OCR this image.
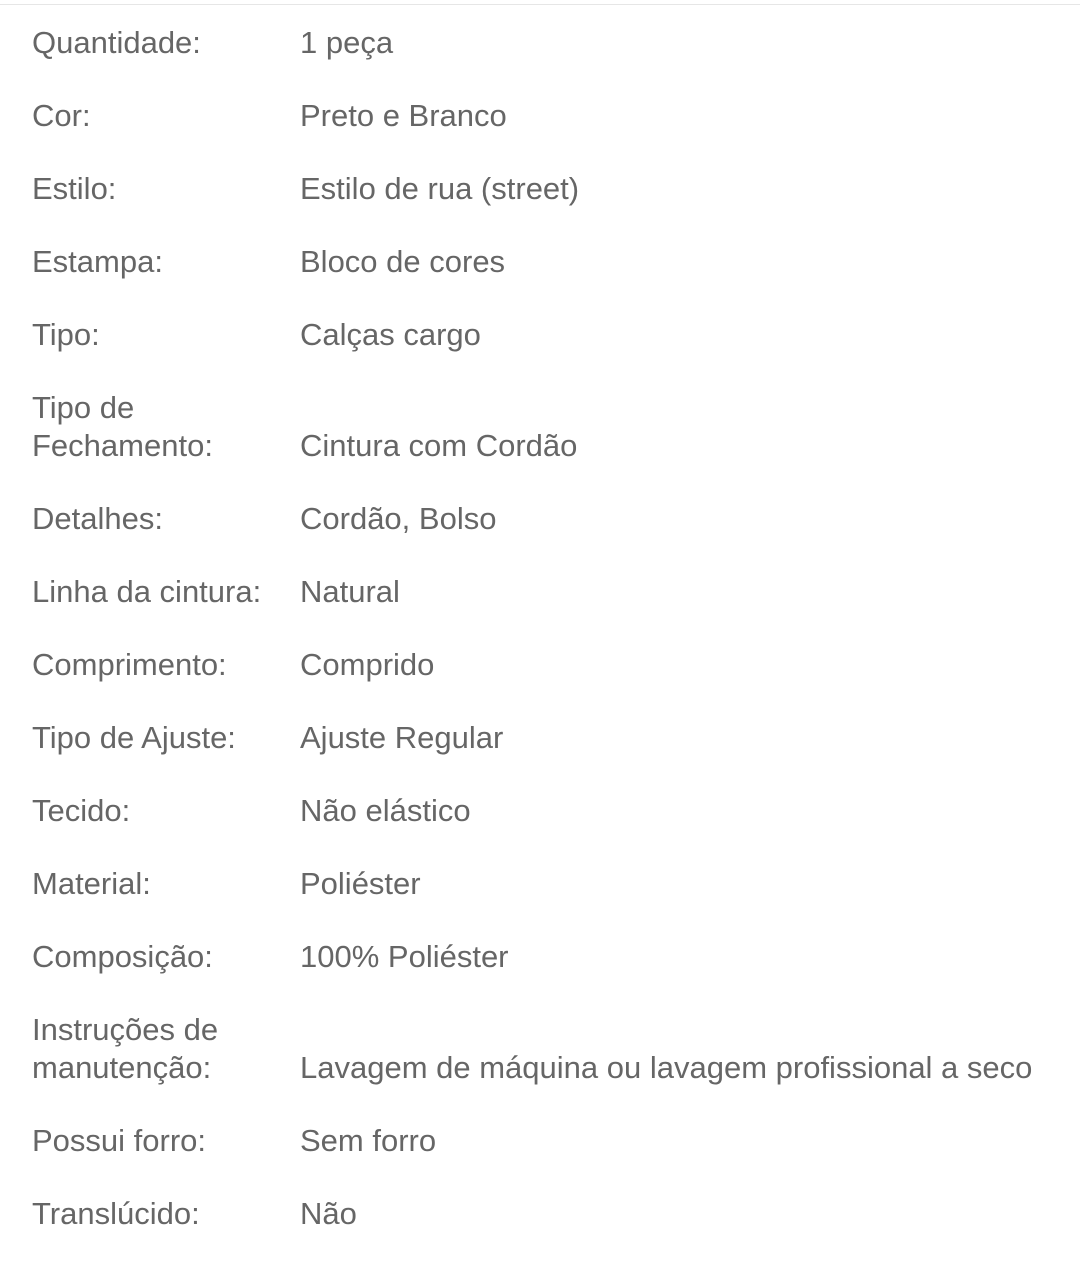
Quantidade:	1 peça
Cor:	Preto e Branco
Estilo:	Estilo de rua (street)
Estampa:	Bloco de cores
Tipo:	Calças cargo
Tipo de Fechamento:	Cintura com Cordão
Detalhes:	Cordão, Bolso
Linha da cintura:	Natural
Comprimento:	Comprido
Tipo de Ajuste:	Ajuste Regular
Tecido:	Não elástico
Material:	Poliéster
Composição:	100% Poliéster
Instruções de manutenção:	Lavagem de máquina ou lavagem profissional a seco
Possui forro:	Sem forro
Translúcido:	Não
